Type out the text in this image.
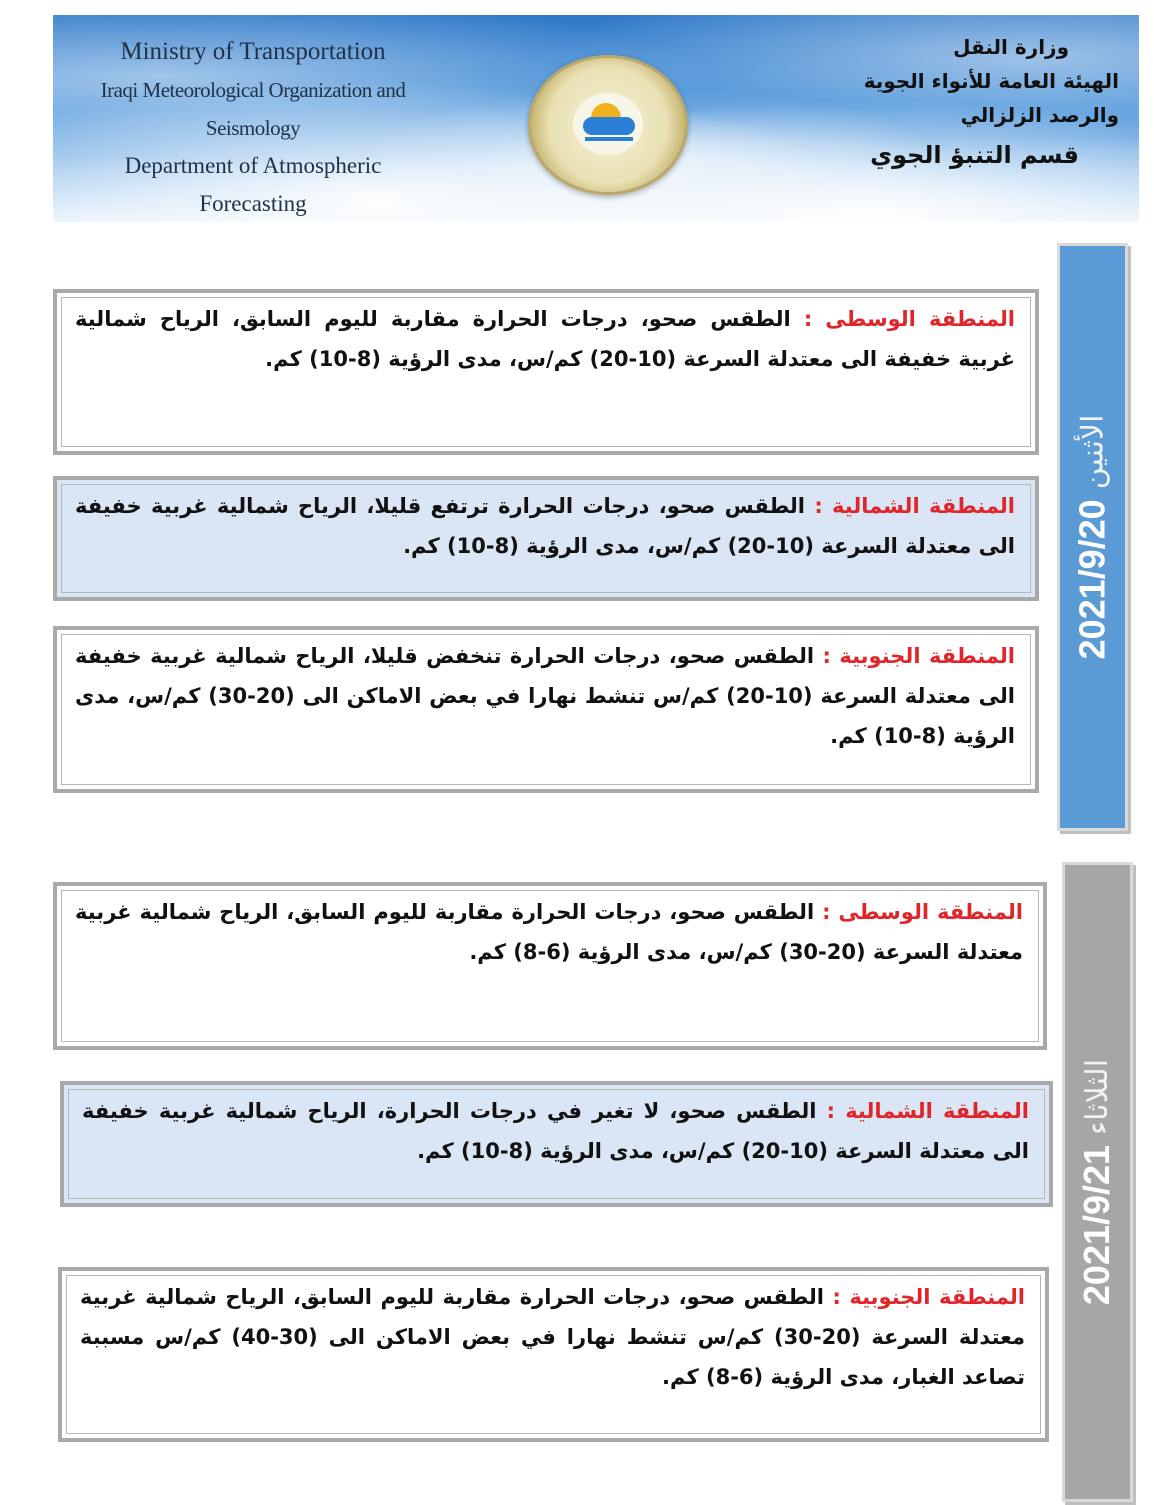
Ministry of Transportation
Iraqi Meteorological Organization and Seismology
Department of Atmospheric Forecasting
وزارة النقل
الهيئة العامة للأنواء الجوية والرصد الزلزالي
قسم التنبؤ الجوي
2021/9/20
الأثنين
المنطقة الوسطى : الطقس صحو، درجات الحرارة مقاربة لليوم السابق، الرياح شمالية غربية خفيفة الى معتدلة السرعة (10-20) كم/س، مدى الرؤية (8-10) كم.
المنطقة الشمالية : الطقس صحو، درجات الحرارة ترتفع قليلا، الرياح شمالية غربية خفيفة الى معتدلة السرعة (10-20) كم/س، مدى الرؤية (8-10) كم.
المنطقة الجنوبية : الطقس صحو، درجات الحرارة تنخفض قليلا، الرياح شمالية غربية خفيفة الى معتدلة السرعة (10-20) كم/س تنشط نهارا في بعض الاماكن الى (20-30) كم/س، مدى الرؤية (8-10) كم.
2021/9/21
الثلاثاء
المنطقة الوسطى : الطقس صحو، درجات الحرارة مقاربة لليوم السابق، الرياح شمالية غربية معتدلة السرعة (20-30) كم/س، مدى الرؤية (6-8) كم.
المنطقة الشمالية : الطقس صحو، لا تغير في درجات الحرارة، الرياح شمالية غربية خفيفة الى معتدلة السرعة (10-20) كم/س، مدى الرؤية (8-10) كم.
المنطقة الجنوبية : الطقس صحو، درجات الحرارة مقاربة لليوم السابق، الرياح شمالية غربية معتدلة السرعة (20-30) كم/س تنشط نهارا في بعض الاماكن الى (30-40) كم/س مسببة تصاعد الغبار، مدى الرؤية (6-8) كم.
